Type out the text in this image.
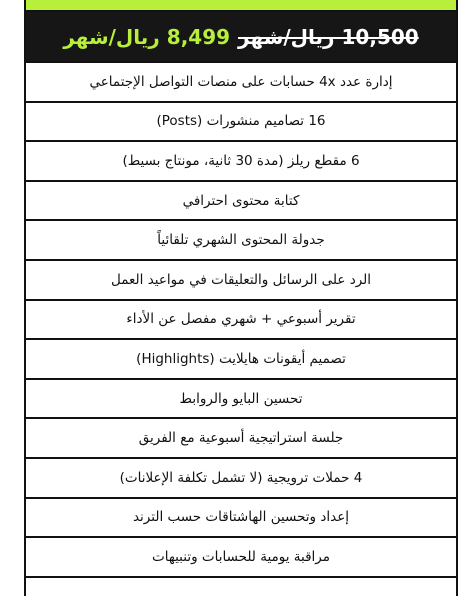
10,500 ريال/شهر
8,499 ريال/شهر
إدارة عدد 4x حسابات على منصات التواصل الإجتماعي
16 تصاميم منشورات (Posts)
6 مقطع ريلز (مدة 30 ثانية، مونتاج بسيط)
كتابة محتوى احترافي
جدولة المحتوى الشهري تلقائياً
الرد على الرسائل والتعليقات في مواعيد العمل
تقرير أسبوعي + شهري مفصل عن الأداء
تصميم أيقونات هايلايت (Highlights)
تحسين البايو والروابط
جلسة استراتيجية أسبوعية مع الفريق
4 حملات ترويجية (لا تشمل تكلفة الإعلانات)
إعداد وتحسين الهاشتاقات حسب الترند
مراقبة يومية للحسابات وتنبيهات
